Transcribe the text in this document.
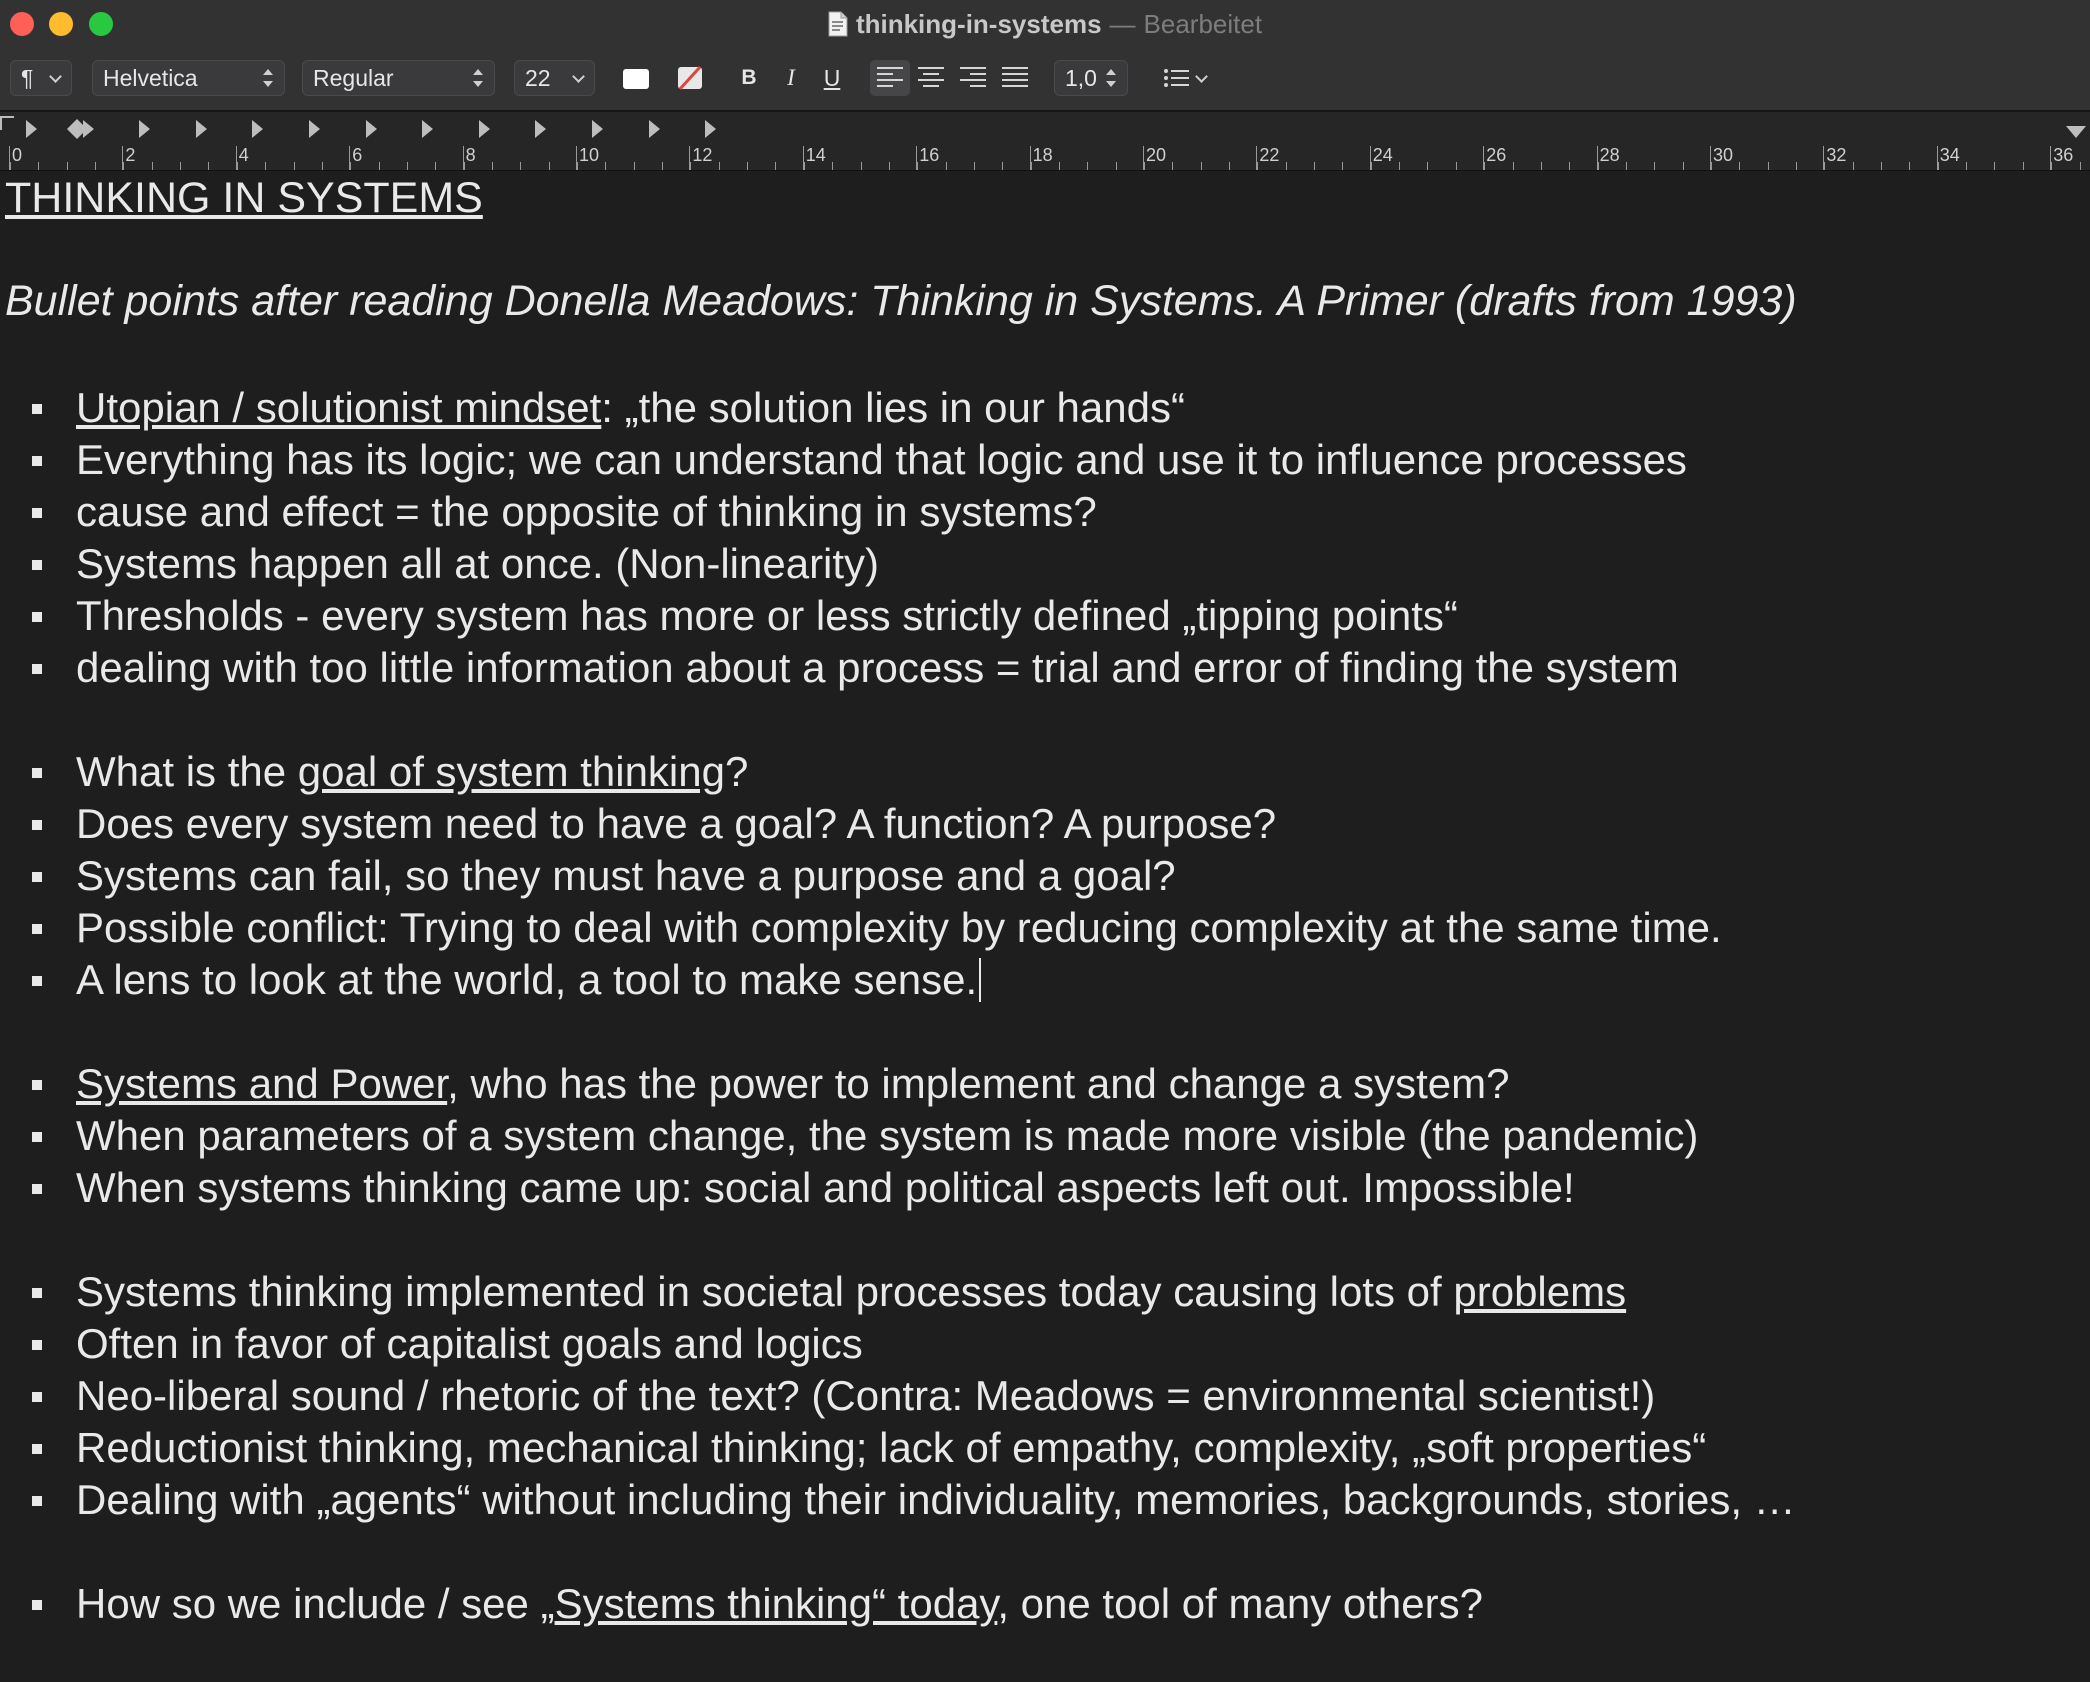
thinking-in-systems — Bearbeitet
¶	Helvetica	Regular	22	B	I	U	1,0
0	2	4	6	8	10	12	14	16	18	20	22	24	26	28	30	32	34	36
THINKING IN SYSTEMS
Bullet points after reading Donella Meadows: Thinking in Systems. A Primer (drafts from 1993)
Utopian / solutionist mindset: „the solution lies in our hands“
Everything has its logic; we can understand that logic and use it to influence processes
cause and effect = the opposite of thinking in systems?
Systems happen all at once. (Non-linearity)
Thresholds - every system has more or less strictly defined „tipping points“
dealing with too little information about a process = trial and error of finding the system
What is the goal of system thinking?
Does every system need to have a goal? A function? A purpose?
Systems can fail, so they must have a purpose and a goal?
Possible conflict: Trying to deal with complexity by reducing complexity at the same time.
A lens to look at the world, a tool to make sense.
Systems and Power, who has the power to implement and change a system?
When parameters of a system change, the system is made more visible (the pandemic)
When systems thinking came up: social and political aspects left out. Impossible!
Systems thinking implemented in societal processes today causing lots of problems
Often in favor of capitalist goals and logics
Neo-liberal sound / rhetoric of the text? (Contra: Meadows = environmental scientist!)
Reductionist thinking, mechanical thinking; lack of empathy, complexity, „soft properties“
Dealing with „agents“ without including their individuality, memories, backgrounds, stories, …
How so we include / see „Systems thinking“ today, one tool of many others?
